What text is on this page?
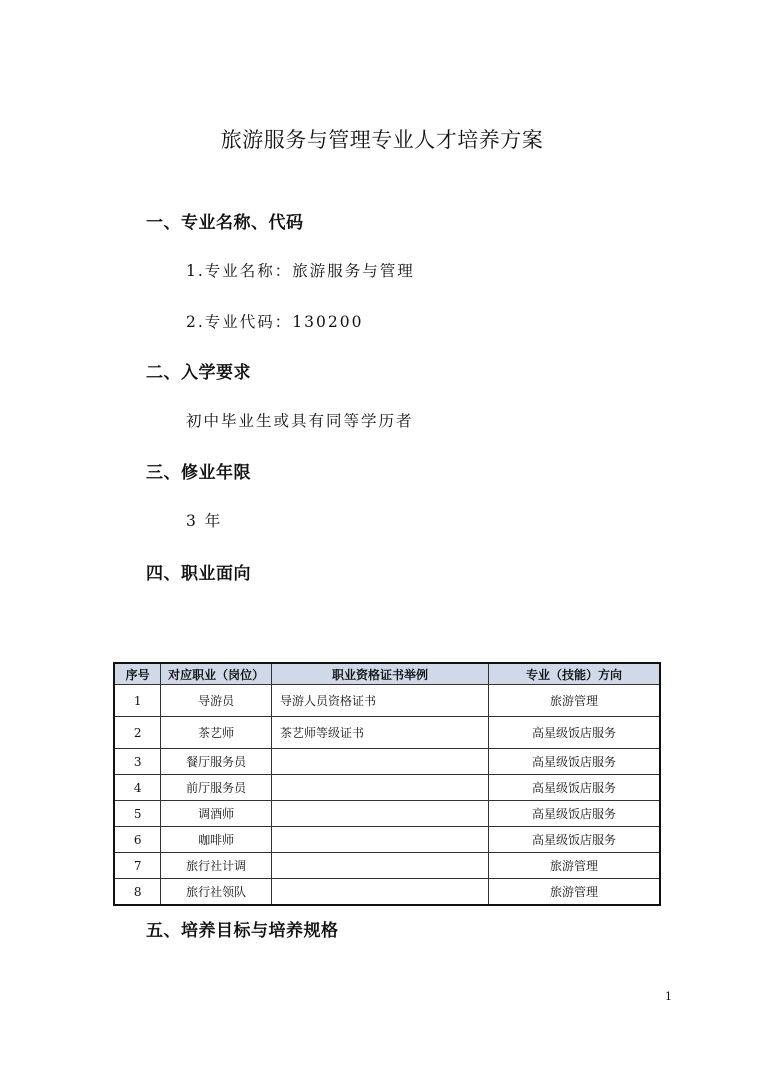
旅游服务与管理专业人才培养方案
一、专业名称、代码
1.专业名称：旅游服务与管理
2.专业代码：130200
二、入学要求
初中毕业生或具有同等学历者
三、修业年限
3 年
四、职业面向
序号	对应职业（岗位）	职业资格证书举例	专业（技能）方向
1	导游员	导游人员资格证书	旅游管理
2	茶艺师	茶艺师等级证书	高星级饭店服务
3	餐厅服务员		高星级饭店服务
4	前厅服务员		高星级饭店服务
5	调酒师		高星级饭店服务
6	咖啡师		高星级饭店服务
7	旅行社计调		旅游管理
8	旅行社领队		旅游管理
五、培养目标与培养规格
1
